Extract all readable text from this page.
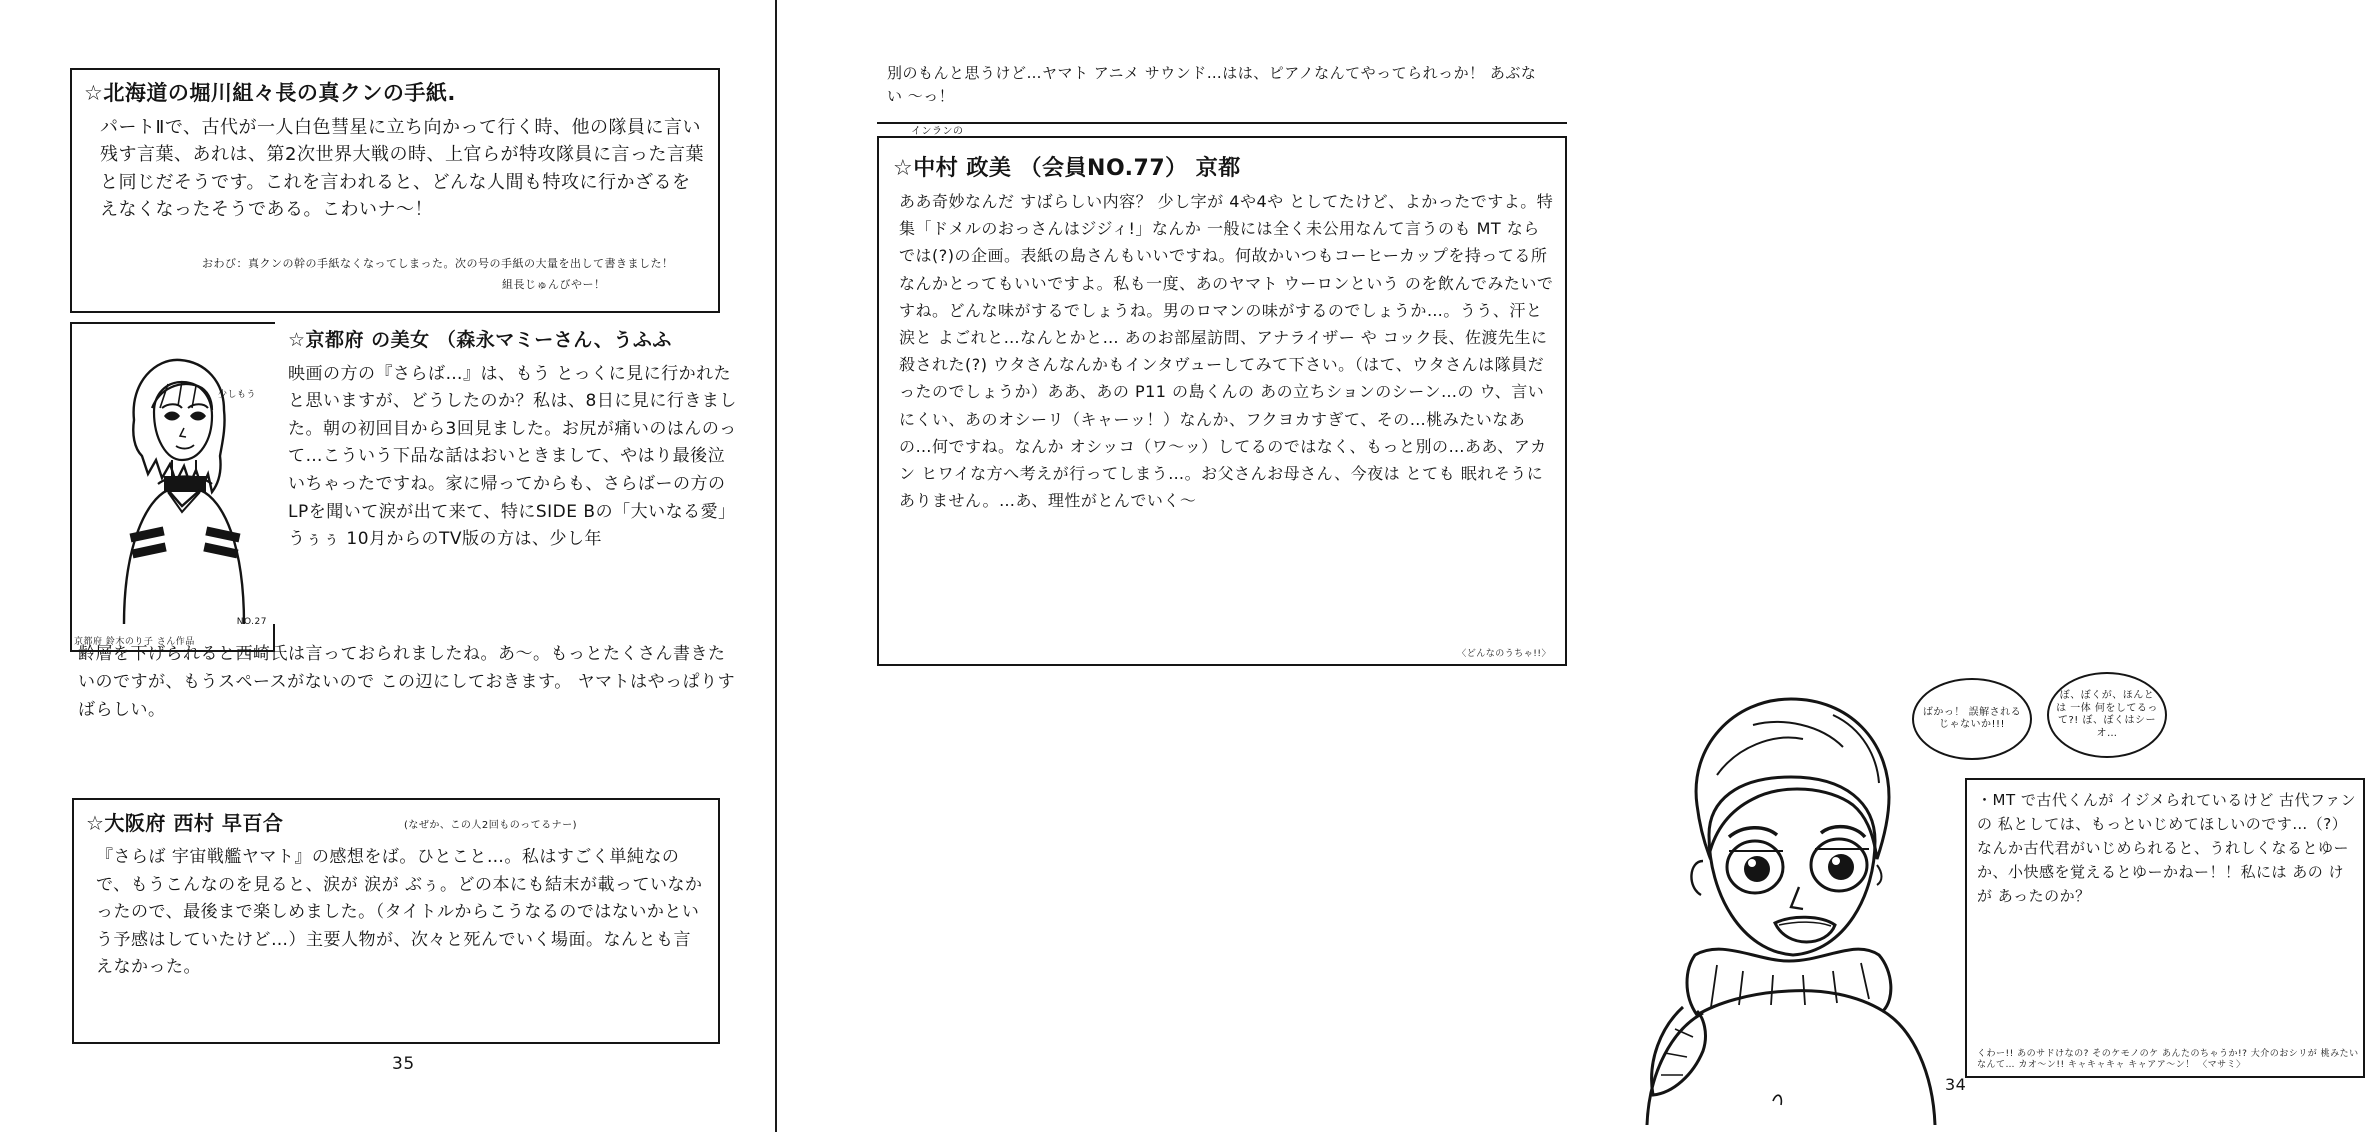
☆北海道の堀川組々長の真クンの手紙.
パートⅡで、古代が一人白色彗星に立ち向かって行く時、他の隊員に言い残す言葉、あれは、第2次世界大戦の時、上官らが特攻隊員に言った言葉と同じだそうです。これを言われると、どんな人間も特攻に行かざるをえなくなったそうである。こわいナ〜！
おわび：真クンの幹の手紙なくなってしまった。次の号の手紙の大量を出して書きました！
組長じゅんびやー！
NO.27
京都府 鈴木のり子 さん作品
☆京都府 の美女 （森永マミーさん、うふふ
映画の方の『さらば…』は、もう とっくに見に行かれたと思いますが、どうしたのか？私は、8日に見に行きました。朝の初回目から3回見ました。お尻が痛いのはんのって…こういう下品な話はおいときまして、やはり最後泣いちゃったですね。家に帰ってからも、さらばーの方のLPを聞いて涙が出て来て、特にSIDE Bの「大いなる愛」 うぅぅ 10月からのTV版の方は、少し年
少しもう
齢層を下げられると西崎氏は言っておられましたね。あ〜。もっとたくさん書きたいのですが、もうスペースがないので この辺にしておきます。 ヤマトはやっぱりすばらしい。
☆大阪府 西村 早百合	(なぜか、この人2回ものってるナー)
『さらば 宇宙戦艦ヤマト』の感想をば。ひとこと…。私はすごく単純なので、もうこんなのを見ると、涙が 涙が ぶぅ。どの本にも結末が載っていなかったので、最後まで楽しめました。（タイトルからこうなるのではないかという予感はしていたけど…）主要人物が、次々と死んでいく場面。なんとも言えなかった。
35
別のもんと思うけど…ヤマト アニメ サウンド…はは、ピアノなんてやってられっか！ あぶない 〜っ！
インランの
☆中村 政美 （会員NO.77） 京都
ああ奇妙なんだ すばらしい内容？ 少し字が 4や4や としてたけど、よかったですよ。特集「ドメルのおっさんはジジィ!」なんか 一般には全く未公用なんて言うのも MT ならでは(?)の企画。表紙の島さんもいいですね。何故かいつもコーヒーカップを持ってる所なんかとってもいいですよ。私も一度、あのヤマト ウーロンという のを飲んでみたいですね。どんな味がするでしょうね。男のロマンの味がするのでしょうか…。うう、汗と涙と よごれと…なんとかと… あのお部屋訪問、アナライザー や コック長、佐渡先生に殺された(?) ウタさんなんかもインタヴューしてみて下さい。（はて、ウタさんは隊員だったのでしょうか）ああ、あの P11 の島くんの あの立ちションのシーン…の ウ、言いにくい、あのオシーリ（キャーッ！）なんか、フクヨカすぎて、その…桃みたいなあの…何ですね。なんか オシッコ（ワ〜ッ）してるのではなく、もっと別の…ああ、アカン ヒワイな方へ考えが行ってしまう…。お父さんお母さん、今夜は とても 眠れそうに ありません。…あ、理性がとんでいく〜
〈どんなのうちゃ!!〉
ばかっ！ 誤解されるじゃないか!!!
ぼ、ぼくが、ほんとは 一体 何をしてるって?! ぼ、ぼくはシーオ…
・MT で古代くんが イジメられているけど 古代ファンの 私としては、もっといじめてほしいのです…（?）なんか古代君がいじめられると、うれしくなるとゆーか、小快感を覚えるとゆーかねー！！私には あの けが あったのか？
くわー!! あのサドけなの? そのケモノのケ あんたのちゃうか!? 大介のおシリが 桃みたいなんて… カオ〜ン!! キャキャキャ キャアア〜ン！ 〈マサミ〉
34
